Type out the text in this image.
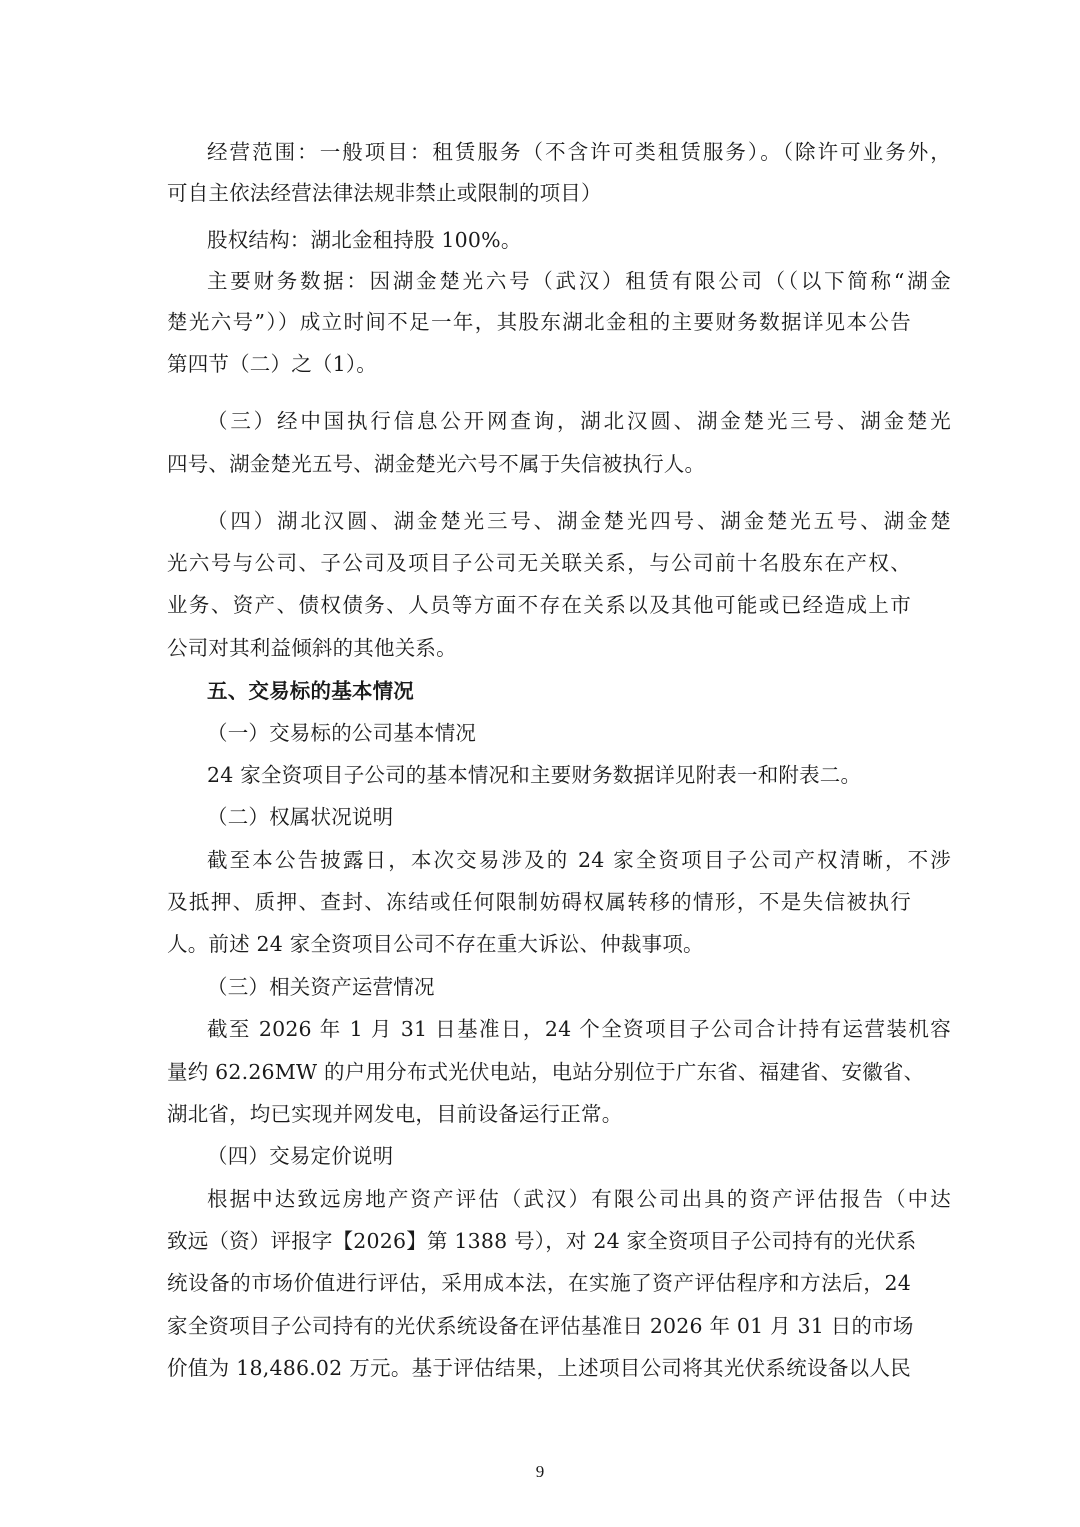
经营范围：一般项目：租赁服务（不含许可类租赁服务）。（除许可业务外，
可自主依法经营法律法规非禁止或限制的项目）
股权结构：湖北金租持股 100%。
主要财务数据：因湖金楚光六号（武汉）租赁有限公司（（以下简称“湖金
楚光六号”））成立时间不足一年，其股东湖北金租的主要财务数据详见本公告
第四节（二）之（1）。
（三）经中国执行信息公开网查询，湖北汉圆、湖金楚光三号、湖金楚光
四号、湖金楚光五号、湖金楚光六号不属于失信被执行人。
（四）湖北汉圆、湖金楚光三号、湖金楚光四号、湖金楚光五号、湖金楚
光六号与公司、子公司及项目子公司无关联关系，与公司前十名股东在产权、
业务、资产、债权债务、人员等方面不存在关系以及其他可能或已经造成上市
公司对其利益倾斜的其他关系。
五、交易标的基本情况
（一）交易标的公司基本情况
24 家全资项目子公司的基本情况和主要财务数据详见附表一和附表二。
（二）权属状况说明
截至本公告披露日，本次交易涉及的 24 家全资项目子公司产权清晰，不涉
及抵押、质押、查封、冻结或任何限制妨碍权属转移的情形，不是失信被执行
人。前述 24 家全资项目公司不存在重大诉讼、仲裁事项。
（三）相关资产运营情况
截至 2026 年 1 月 31 日基准日，24 个全资项目子公司合计持有运营装机容
量约 62.26MW 的户用分布式光伏电站，电站分别位于广东省、福建省、安徽省、
湖北省，均已实现并网发电，目前设备运行正常。
（四）交易定价说明
根据中达致远房地产资产评估（武汉）有限公司出具的资产评估报告（中达
致远（资）评报字【2026】第 1388 号），对 24 家全资项目子公司持有的光伏系
统设备的市场价值进行评估，采用成本法，在实施了资产评估程序和方法后，24
家全资项目子公司持有的光伏系统设备在评估基准日 2026 年 01 月 31 日的市场
价值为 18,486.02 万元。基于评估结果，上述项目公司将其光伏系统设备以人民
9
